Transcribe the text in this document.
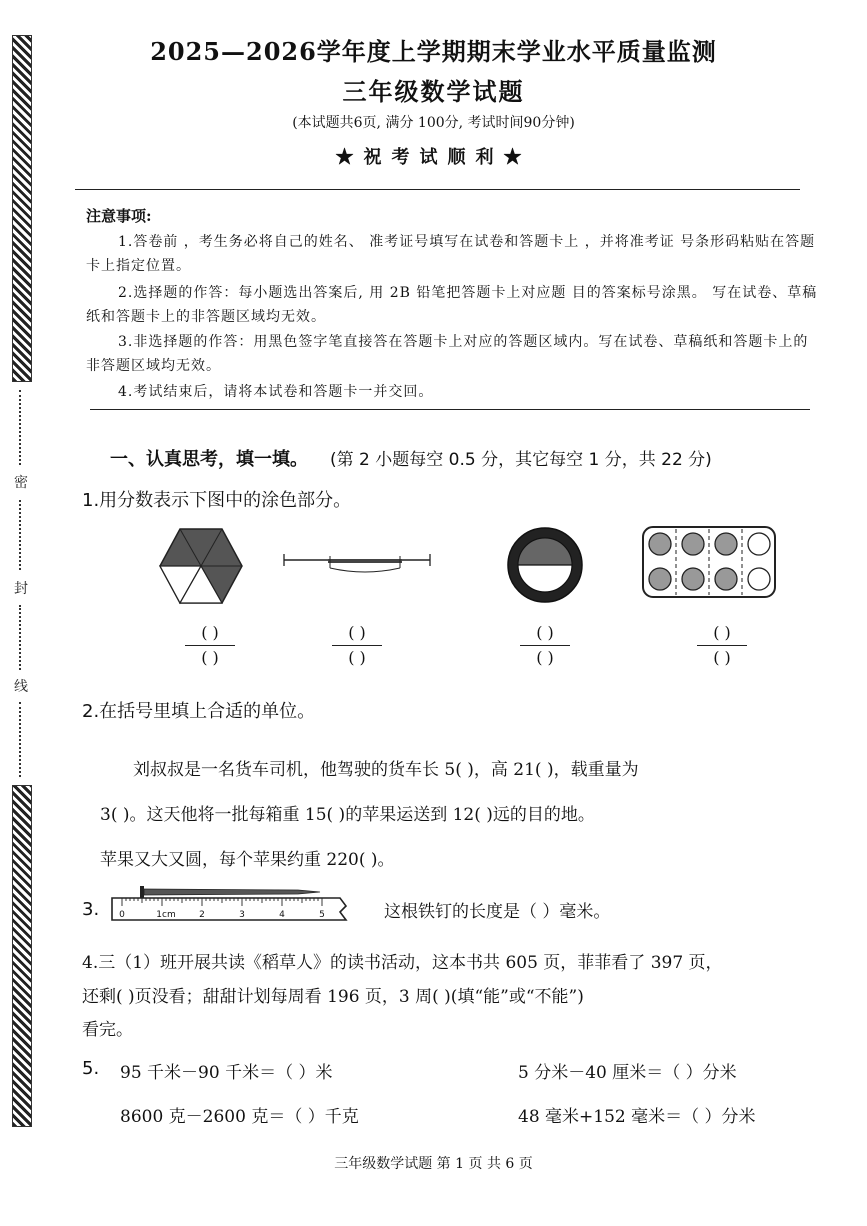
密
封
线
2025—2026学年度上学期期末学业水平质量监测
三年级数学试题
(本试题共6页, 满分 100分, 考试时间90分钟)
★祝考试顺利★
注意事项:
1.答卷前 ，考生务必将自己的姓名、 准考证号填写在试卷和答题卡上 ，并将准考证 号条形码粘贴在答题卡上指定位置。
2.选择题的作答：每小题选出答案后, 用 2B 铅笔把答题卡上对应题 目的答案标号涂黑。 写在试卷、草稿纸和答题卡上的非答题区域均无效。
3.非选择题的作答：用黑色签字笔直接答在答题卡上对应的答题区域内。写在试卷、草稿纸和答题卡上的非答题区域均无效。
4.考试结束后，请将本试卷和答题卡一并交回。
一、认真思考，填一填。 (第 2 小题每空 0.5 分，其它每空 1 分，共 22 分)
1.用分数表示下图中的涂色部分。
( )
( )
( )
( )
( )
( )
( )
( )
2.在括号里填上合适的单位。
刘叔叔是一名货车司机，他驾驶的货车长 5( )，高 21( )，载重量为
3( )。这天他将一批每箱重 15( )的苹果运送到 12( )远的目的地。
苹果又大又圆，每个苹果约重 220( )。
3. 0	1cm	2	3	4	5	这根铁钉的长度是（ ）毫米。
4.三（1）班开展共读《稻草人》的读书活动，这本书共 605 页，菲菲看了 397 页，
还剩( )页没看；甜甜计划每周看 196 页，3 周( )(填“能”或“不能”)
看完。
5. 95 千米－90 千米＝（ ）米	5 分米－40 厘米＝（ ）分米
8600 克－2600 克＝（ ）千克	48 毫米+152 毫米＝（ ）分米
三年级数学试题 第 1 页 共 6 页
